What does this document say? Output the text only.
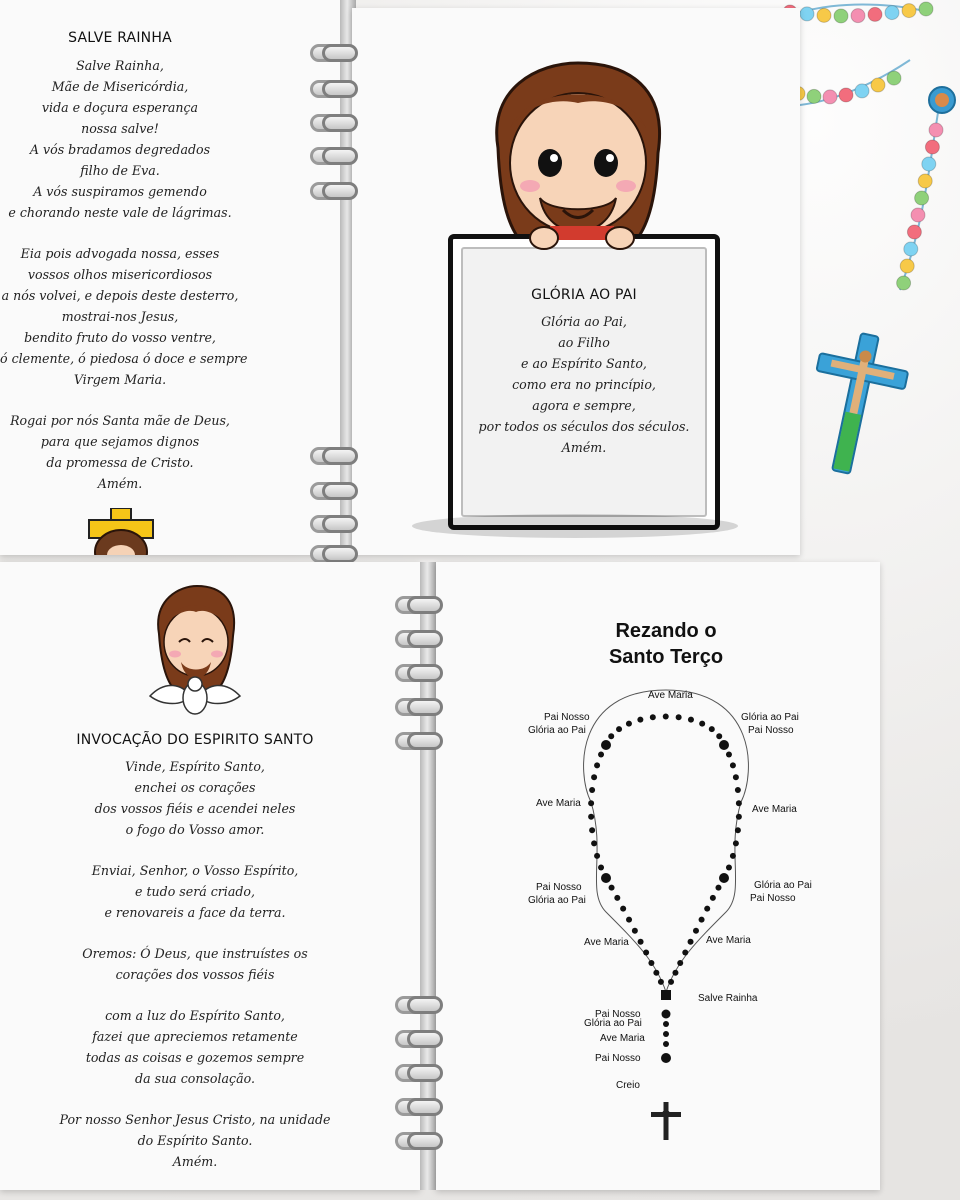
SALVE RAINHA
Salve Rainha,
Mãe de Misericórdia,
vida e doçura esperança
nossa salve!
A vós bradamos degredados
filho de Eva.
A vós suspiramos gemendo
e chorando neste vale de lágrimas.
Eia pois advogada nossa, esses
vossos olhos misericordiosos
a nós volvei, e depois deste desterro,
mostrai-nos Jesus,
bendito fruto do vosso ventre,
ó clemente, ó piedosa ó doce e sempre
Virgem Maria.
Rogai por nós Santa mãe de Deus,
para que sejamos dignos
da promessa de Cristo.
Amém.
GLÓRIA AO PAI
Glória ao Pai,
ao Filho
e ao Espírito Santo,
como era no princípio,
agora e sempre,
por todos os séculos dos séculos.
Amém.
INVOCAÇÃO DO ESPIRITO SANTO
Vinde, Espírito Santo,
enchei os corações
dos vossos fiéis e acendei neles
o fogo do Vosso amor.
Enviai, Senhor, o Vosso Espírito,
e tudo será criado,
e renovareis a face da terra.
Oremos: Ó Deus, que instruístes os
corações dos vossos fiéis
com a luz do Espírito Santo,
fazei que apreciemos retamente
todas as coisas e gozemos sempre
da sua consolação.
Por nosso Senhor Jesus Cristo, na unidade
do Espírito Santo.
Amém.
Rezando o
Santo Terço
Ave Maria
Pai Nosso
Glória ao Pai
Glória ao Pai
Pai Nosso
Ave Maria
Ave Maria
Pai Nosso
Glória ao Pai
Glória ao Pai
Pai Nosso
Ave Maria	Ave Maria
Salve Rainha
Pai Nosso
Glória ao Pai
Ave Maria
Pai Nosso
Creio
